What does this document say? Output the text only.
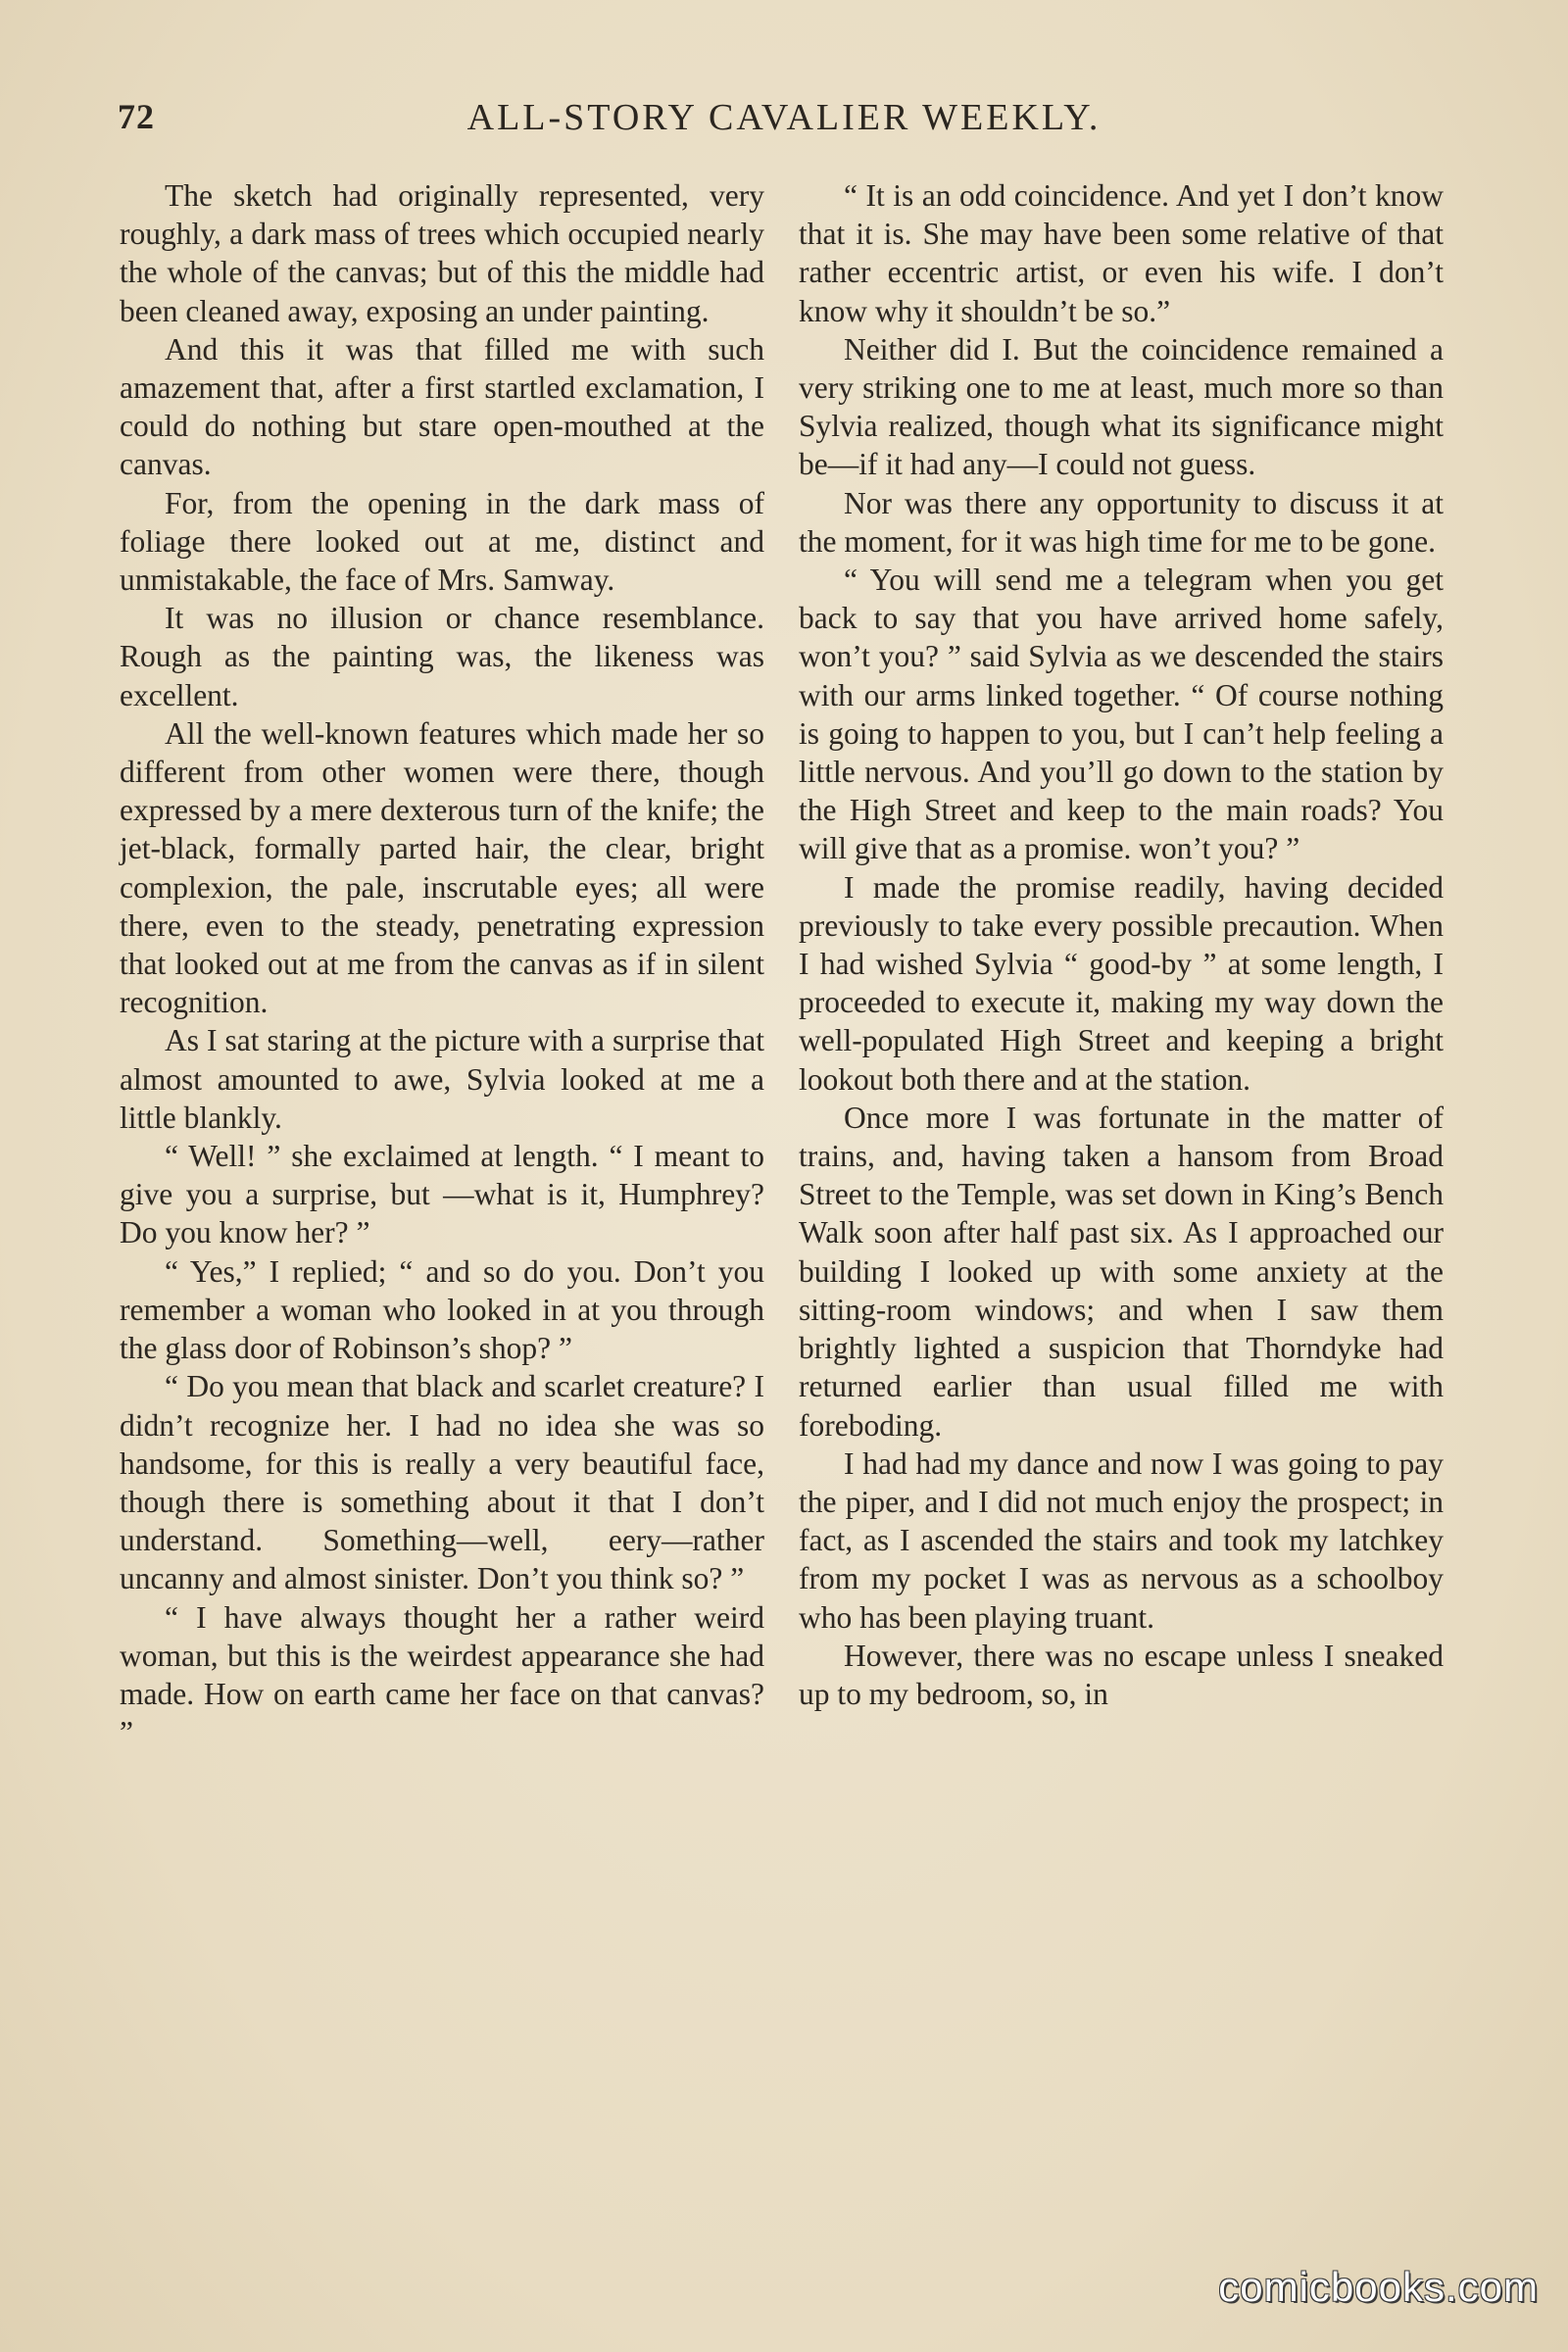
72	ALL-STORY CAVALIER WEEKLY.

The sketch had originally represented, very roughly, a dark mass of trees which occupied nearly the whole of the canvas; but of this the middle had been cleaned away, exposing an under painting.

And this it was that filled me with such amazement that, after a first startled exclamation, I could do nothing but stare open-mouthed at the canvas.

For, from the opening in the dark mass of foliage there looked out at me, distinct and unmistakable, the face of Mrs. Samway.

It was no illusion or chance resemblance. Rough as the painting was, the likeness was excellent.

All the well-known features which made her so different from other women were there, though expressed by a mere dexterous turn of the knife; the jet-black, formally parted hair, the clear, bright complexion, the pale, inscrutable eyes; all were there, even to the steady, penetrating expression that looked out at me from the canvas as if in silent recognition.

As I sat staring at the picture with a surprise that almost amounted to awe, Sylvia looked at me a little blankly.

“ Well! ” she exclaimed at length. “ I meant to give you a surprise, but —what is it, Humphrey? Do you know her? ”

“ Yes,” I replied; “ and so do you. Don’t you remember a woman who looked in at you through the glass door of Robinson’s shop? ”

“ Do you mean that black and scarlet creature? I didn’t recognize her. I had no idea she was so handsome, for this is really a very beautiful face, though there is something about it that I don’t understand. Something—well, eery—rather uncanny and almost sinister. Don’t you think so? ”

“ I have always thought her a rather weird woman, but this is the weirdest appearance she had made. How on earth came her face on that canvas? ”

“ It is an odd coincidence. And yet I don’t know that it is. She may have been some relative of that rather eccentric artist, or even his wife. I don’t know why it shouldn’t be so.”

Neither did I. But the coincidence remained a very striking one to me at least, much more so than Sylvia realized, though what its significance might be—if it had any—I could not guess.

Nor was there any opportunity to discuss it at the moment, for it was high time for me to be gone.

“ You will send me a telegram when you get back to say that you have arrived home safely, won’t you? ” said Sylvia as we descended the stairs with our arms linked together. “ Of course nothing is going to happen to you, but I can’t help feeling a little nervous. And you’ll go down to the station by the High Street and keep to the main roads? You will give that as a promise. won’t you? ”

I made the promise readily, having decided previously to take every possible precaution. When I had wished Sylvia “ good-by ” at some length, I proceeded to execute it, making my way down the well-populated High Street and keeping a bright lookout both there and at the station.

Once more I was fortunate in the matter of trains, and, having taken a hansom from Broad Street to the Temple, was set down in King’s Bench Walk soon after half past six. As I approached our building I looked up with some anxiety at the sitting-room windows; and when I saw them brightly lighted a suspicion that Thorndyke had returned earlier than usual filled me with foreboding.

I had had my dance and now I was going to pay the piper, and I did not much enjoy the prospect; in fact, as I ascended the stairs and took my latchkey from my pocket I was as nervous as a schoolboy who has been playing truant.

However, there was no escape unless I sneaked up to my bedroom, so, in

comicbooks.com
